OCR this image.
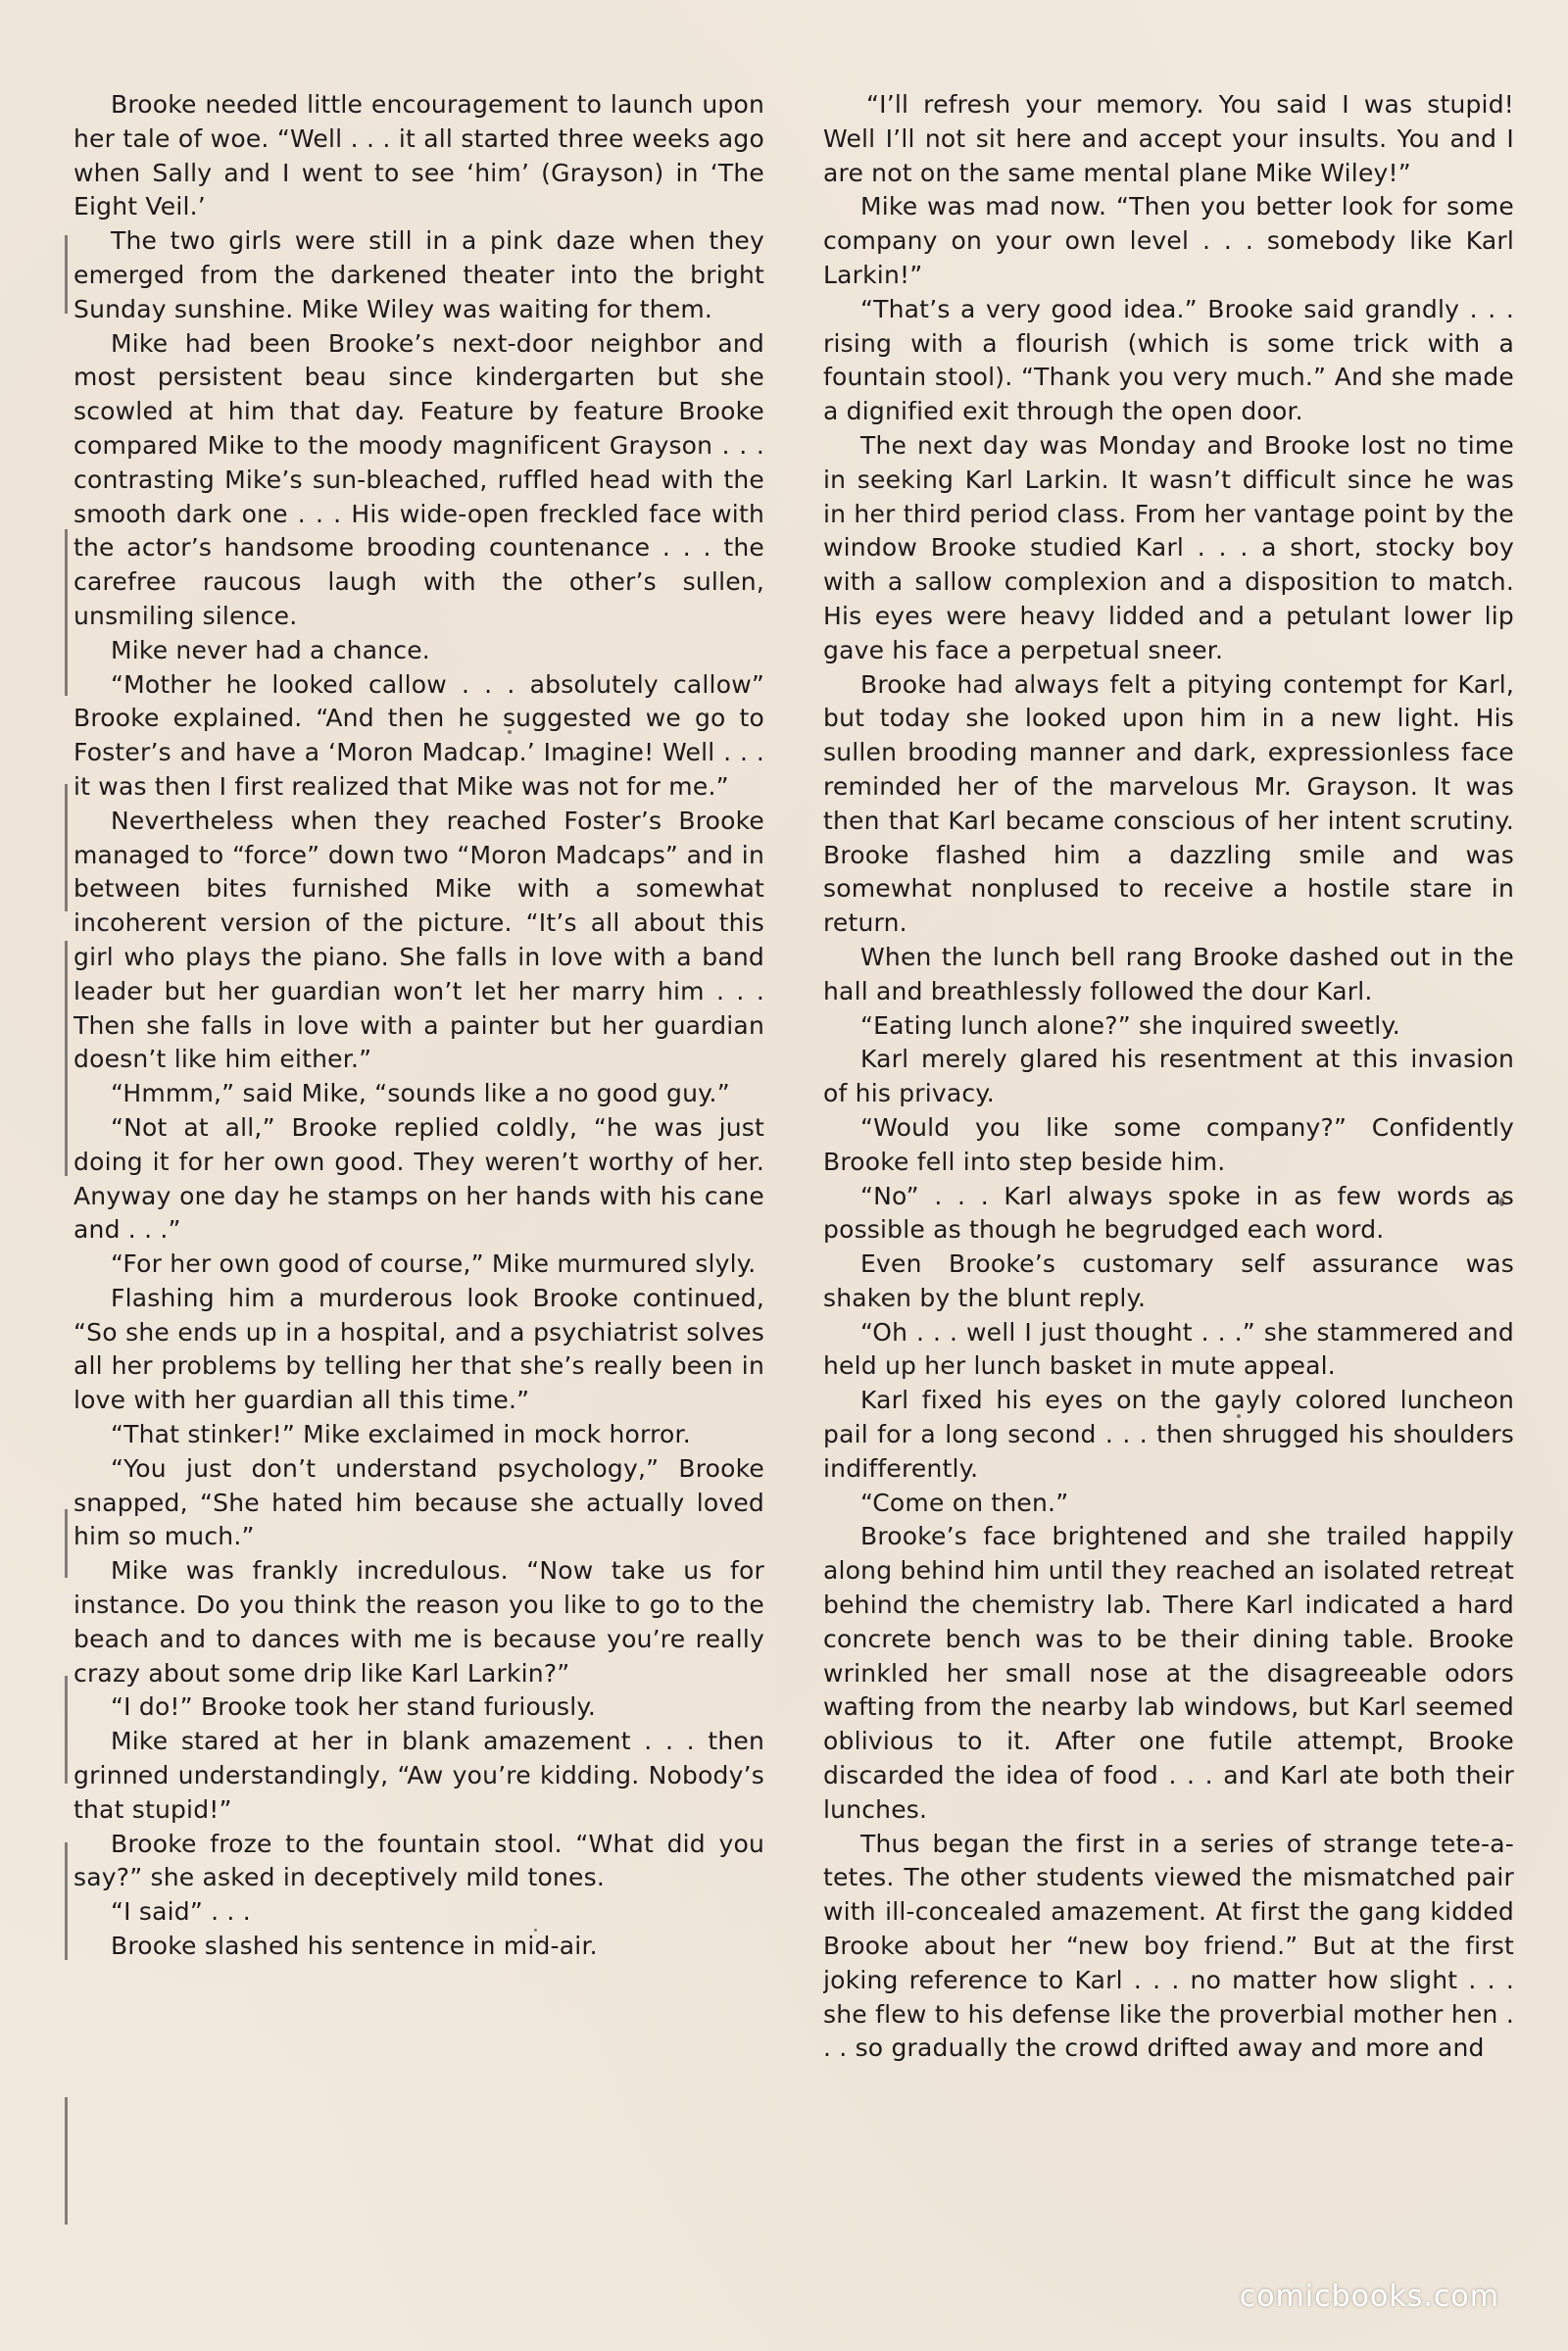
Brooke needed little encouragement to launch upon her tale of woe. “Well . . . it all started three weeks ago when Sally and I went to see ‘him’ (Grayson) in ‘The Eight Veil.’

The two girls were still in a pink daze when they emerged from the darkened theater into the bright Sunday sunshine. Mike Wiley was waiting for them.

Mike had been Brooke’s next-door neighbor and most persistent beau since kindergarten but she scowled at him that day. Feature by feature Brooke compared Mike to the moody magnificent Grayson . . . contrasting Mike’s sun-bleached, ruffled head with the smooth dark one . . . His wide-open freckled face with the actor’s handsome brooding countenance . . . the carefree raucous laugh with the other’s sullen, unsmiling silence.

Mike never had a chance.

“Mother he looked callow . . . absolutely callow” Brooke explained. “And then he suggested we go to Foster’s and have a ‘Moron Madcap.’ Imagine! Well . . . it was then I first realized that Mike was not for me.”

Nevertheless when they reached Foster’s Brooke managed to “force” down two “Moron Madcaps” and in between bites furnished Mike with a somewhat incoherent version of the picture. “It’s all about this girl who plays the piano. She falls in love with a band leader but her guardian won’t let her marry him . . . Then she falls in love with a painter but her guardian doesn’t like him either.”

“Hmmm,” said Mike, “sounds like a no good guy.”

“Not at all,” Brooke replied coldly, “he was just doing it for her own good. They weren’t worthy of her. Anyway one day he stamps on her hands with his cane and . . .”

“For her own good of course,” Mike murmured slyly.

Flashing him a murderous look Brooke continued, “So she ends up in a hospital, and a psychiatrist solves all her problems by telling her that she’s really been in love with her guardian all this time.”

“That stinker!” Mike exclaimed in mock horror.

“You just don’t understand psychology,” Brooke snapped, “She hated him because she actually loved him so much.”

Mike was frankly incredulous. “Now take us for instance. Do you think the reason you like to go to the beach and to dances with me is because you’re really crazy about some drip like Karl Larkin?”

“I do!” Brooke took her stand furiously.

Mike stared at her in blank amazement . . . then grinned understandingly, “Aw you’re kidding. Nobody’s that stupid!”

Brooke froze to the fountain stool. “What did you say?” she asked in deceptively mild tones.

“I said” . . .

Brooke slashed his sentence in mid-air.

“I’ll refresh your memory. You said I was stupid! Well I’ll not sit here and accept your insults. You and I are not on the same mental plane Mike Wiley!”

Mike was mad now. “Then you better look for some company on your own level . . . somebody like Karl Larkin!”

“That’s a very good idea.” Brooke said grandly . . . rising with a flourish (which is some trick with a fountain stool). “Thank you very much.” And she made a dignified exit through the open door.

The next day was Monday and Brooke lost no time in seeking Karl Larkin. It wasn’t difficult since he was in her third period class. From her vantage point by the window Brooke studied Karl . . . a short, stocky boy with a sallow complexion and a disposition to match. His eyes were heavy lidded and a petulant lower lip gave his face a perpetual sneer.

Brooke had always felt a pitying contempt for Karl, but today she looked upon him in a new light. His sullen brooding manner and dark, expressionless face reminded her of the marvelous Mr. Grayson. It was then that Karl became conscious of her intent scrutiny. Brooke flashed him a dazzling smile and was somewhat nonplused to receive a hostile stare in return.

When the lunch bell rang Brooke dashed out in the hall and breathlessly followed the dour Karl.

“Eating lunch alone?” she inquired sweetly.

Karl merely glared his resentment at this invasion of his privacy.

“Would you like some company?” Confidently Brooke fell into step beside him.

“No” . . . Karl always spoke in as few words as possible as though he begrudged each word.

Even Brooke’s customary self assurance was shaken by the blunt reply.

“Oh . . . well I just thought . . .” she stammered and held up her lunch basket in mute appeal.

Karl fixed his eyes on the gayly colored luncheon pail for a long second . . . then shrugged his shoulders indifferently.

“Come on then.”

Brooke’s face brightened and she trailed happily along behind him until they reached an isolated retreat behind the chemistry lab. There Karl indicated a hard concrete bench was to be their dining table. Brooke wrinkled her small nose at the disagreeable odors wafting from the nearby lab windows, but Karl seemed oblivious to it. After one futile attempt, Brooke discarded the idea of food . . . and Karl ate both their lunches.

Thus began the first in a series of strange tete-a-tetes. The other students viewed the mismatched pair with ill-concealed amazement. At first the gang kidded Brooke about her “new boy friend.” But at the first joking reference to Karl . . . no matter how slight . . . she flew to his defense like the proverbial mother hen . . . so gradually the crowd drifted away and more and

comicbooks.com
